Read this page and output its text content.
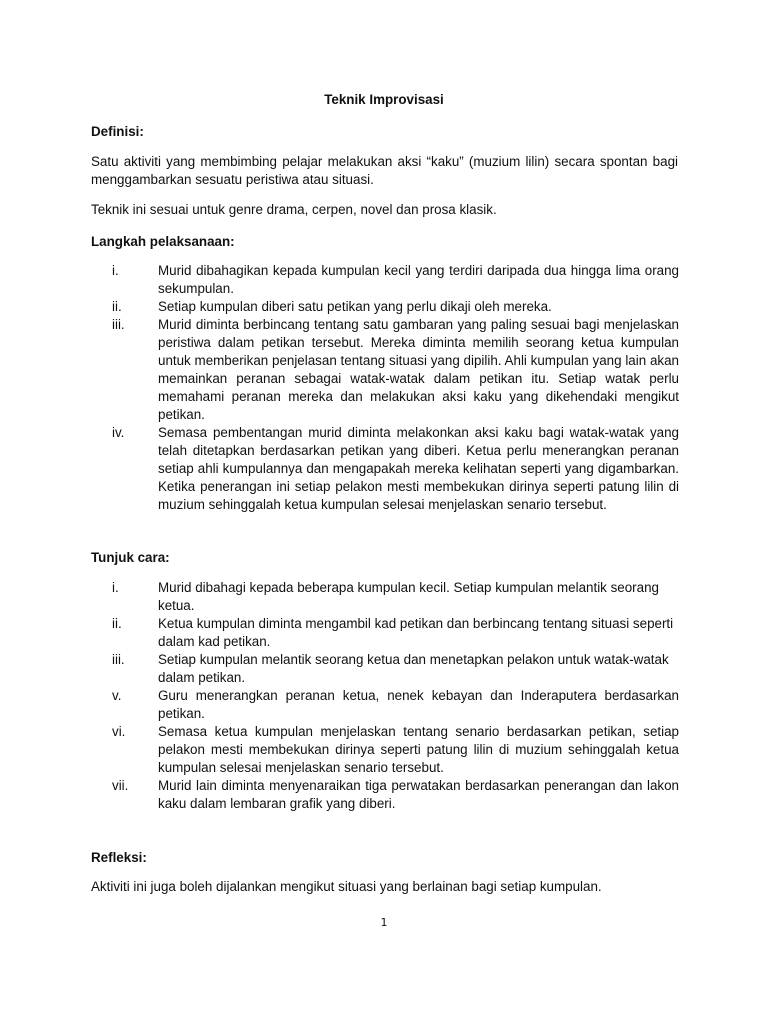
Teknik Improvisasi
Definisi:
Satu aktiviti yang membimbing pelajar melakukan aksi “kaku” (muzium lilin) secara spontan bagi menggambarkan sesuatu peristiwa atau situasi.
Teknik ini sesuai untuk genre drama, cerpen, novel dan prosa klasik.
Langkah pelaksanaan:
i.	Murid dibahagikan kepada kumpulan kecil yang terdiri daripada dua hingga lima orang sekumpulan.
ii.	Setiap kumpulan diberi satu petikan yang perlu dikaji oleh mereka.
iii.	Murid diminta berbincang tentang satu gambaran yang paling sesuai bagi menjelaskan peristiwa dalam petikan tersebut. Mereka diminta memilih seorang ketua kumpulan untuk memberikan penjelasan tentang situasi yang dipilih. Ahli kumpulan yang lain akan memainkan peranan sebagai watak-watak dalam petikan itu. Setiap watak perlu memahami peranan mereka dan melakukan aksi kaku yang dikehendaki mengikut petikan.
iv.	Semasa pembentangan murid diminta melakonkan aksi kaku bagi watak-watak yang telah ditetapkan berdasarkan petikan yang diberi. Ketua perlu menerangkan peranan setiap ahli kumpulannya dan mengapakah mereka kelihatan seperti yang digambarkan. Ketika penerangan ini setiap pelakon mesti membekukan dirinya seperti patung lilin di muzium sehinggalah ketua kumpulan selesai menjelaskan senario tersebut.
Tunjuk cara:
i.	Murid dibahagi kepada beberapa kumpulan kecil. Setiap kumpulan melantik seorang ketua.
ii.	Ketua kumpulan diminta mengambil kad petikan dan berbincang tentang situasi seperti dalam kad petikan.
iii.	Setiap kumpulan melantik seorang ketua dan menetapkan pelakon untuk watak-watak dalam petikan.
v.	Guru menerangkan peranan ketua, nenek kebayan dan Inderaputera berdasarkan petikan.
vi.	Semasa ketua kumpulan menjelaskan tentang senario berdasarkan petikan, setiap pelakon mesti membekukan dirinya seperti patung lilin di muzium sehinggalah ketua kumpulan selesai menjelaskan senario tersebut.
vii.	Murid lain diminta menyenaraikan tiga perwatakan berdasarkan penerangan dan lakon kaku dalam lembaran grafik yang diberi.
Refleksi:
Aktiviti ini juga boleh dijalankan mengikut situasi yang berlainan bagi setiap kumpulan.
1
